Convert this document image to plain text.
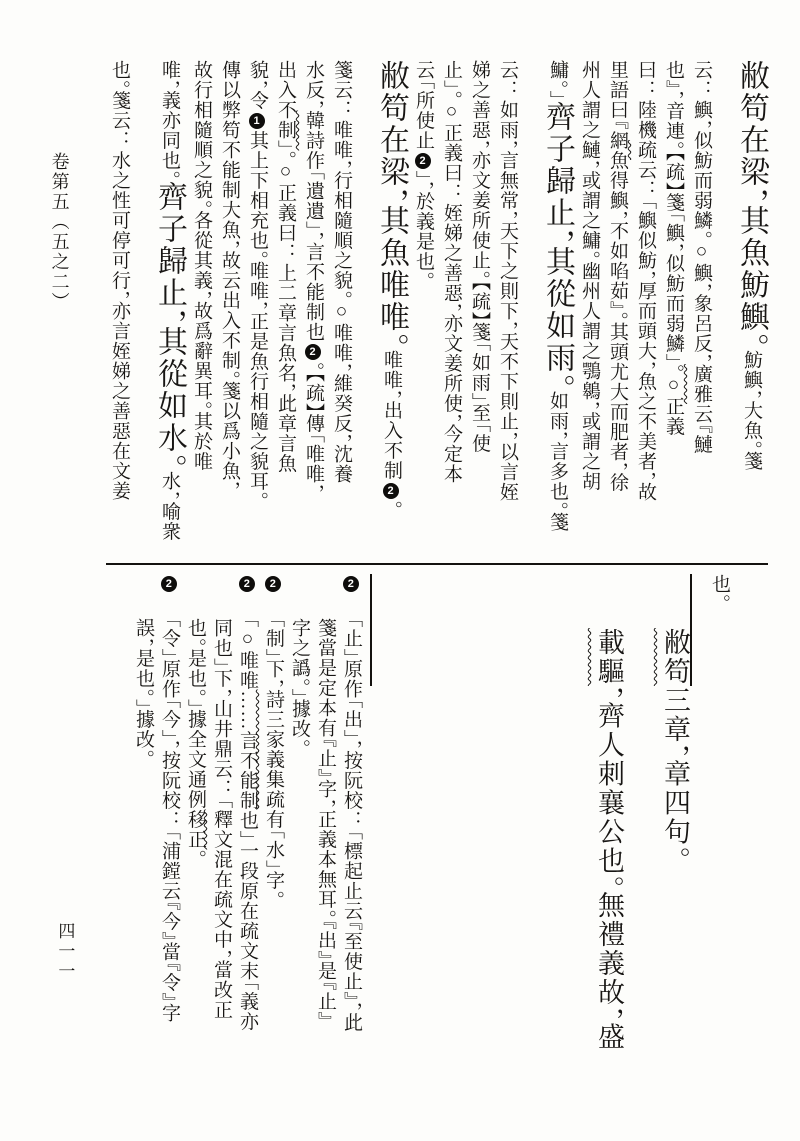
敝笱在梁，其魚魴鱮。魴鱮，大魚。箋
云：鱮，似魴而弱鱗。○鱮，象呂反，廣雅云『鰱
也』，音連。【疏】箋「鱮，似魴而弱鱗」。○正義
曰：陸機疏云：「鱮似魴，厚而頭大，魚之不美者，故
里語曰『網魚得鱮，不如啗茹』。其頭尤大而肥者，徐
州人謂之鰱，或謂之鱅。幽州人謂之鶚鷎，或謂之胡
鱅。」齊子歸止，其從如雨。如雨，言多也。箋
云：如雨，言無常，天下之則下，天不下則止，以言姪
娣之善惡，亦文姜所使止。【疏】箋「如雨」至「使
止」。○正義曰：姪娣之善惡，亦文姜所使，今定本
云「所使止2」，於義是也。
敝笱在梁，其魚唯唯。唯唯，出入不制2。
箋云：唯唯，行相隨順之貌。○唯唯，維癸反，沈養
水反，韓詩作「遺遺」，言不能制也2。【疏】傳「唯唯，
出入不制」。○正義曰：上二章言魚名，此章言魚
貌，令1其上下相充也。唯唯，正是魚行相隨之貌耳。
傳以弊笱不能制大魚，故云出入不制。箋以爲小魚，
故行相隨順之貌。各從其義，故爲辭異耳。其於唯
唯，義亦同也。齊子歸止，其從如水。水，喻衆
也。箋云：水之性可停可行，亦言姪娣之善惡在文姜
也。
敝笱三章，章四句。
載驅，齊人刺襄公也。無禮義故，盛
2「止」原作「出」，按阮校：「標起止云『至使止』，此
箋當是定本有『止』字，正義本無耳。『出』是『止』
字之譌。」據改。
2「制」下，詩三家義集疏有「水」字。
2「○唯唯……言不能制也」一段原在疏文末「義亦
同也」下，山井鼎云：「釋文混在疏文中，當改正
也。是也。」據全文通例移正。
2「令」原作「今」，按阮校：「浦鏜云『今』當『令』字
誤，是也。」據改。
卷第五（五之二）
四一一
